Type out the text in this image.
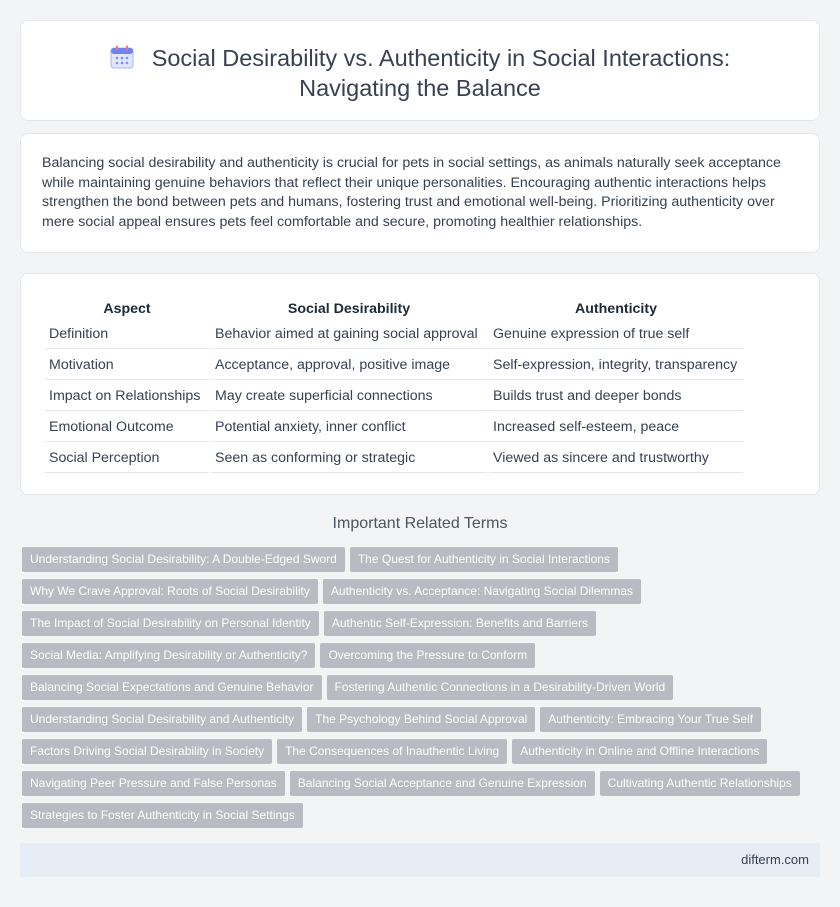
Social Desirability vs. Authenticity in Social Interactions:
Navigating the Balance

Balancing social desirability and authenticity is crucial for pets in social settings, as animals naturally seek acceptance while maintaining genuine behaviors that reflect their unique personalities. Encouraging authentic interactions helps strengthen the bond between pets and humans, fostering trust and emotional well-being. Prioritizing authenticity over mere social appeal ensures pets feel comfortable and secure, promoting healthier relationships.

Aspect	Social Desirability	Authenticity
Definition	Behavior aimed at gaining social approval	Genuine expression of true self
Motivation	Acceptance, approval, positive image	Self-expression, integrity, transparency
Impact on Relationships	May create superficial connections	Builds trust and deeper bonds
Emotional Outcome	Potential anxiety, inner conflict	Increased self-esteem, peace
Social Perception	Seen as conforming or strategic	Viewed as sincere and trustworthy
Important Related Terms
Understanding Social Desirability: A Double-Edged Sword The Quest for Authenticity in Social Interactions
Why We Crave Approval: Roots of Social Desirability Authenticity vs. Acceptance: Navigating Social Dilemmas
The Impact of Social Desirability on Personal Identity Authentic Self-Expression: Benefits and Barriers
Social Media: Amplifying Desirability or Authenticity? Overcoming the Pressure to Conform
Balancing Social Expectations and Genuine Behavior Fostering Authentic Connections in a Desirability-Driven World
Understanding Social Desirability and Authenticity The Psychology Behind Social Approval Authenticity: Embracing Your True Self
Factors Driving Social Desirability in Society The Consequences of Inauthentic Living Authenticity in Online and Offline Interactions
Navigating Peer Pressure and False Personas Balancing Social Acceptance and Genuine Expression Cultivating Authentic Relationships
Strategies to Foster Authenticity in Social Settings
difterm.com
